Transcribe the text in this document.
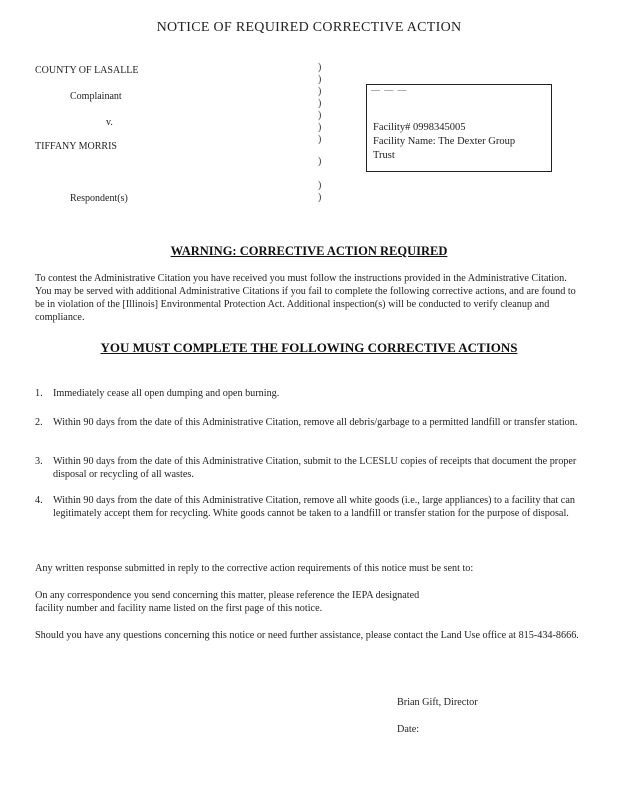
NOTICE OF REQUIRED CORRECTIVE ACTION
COUNTY OF LASALLE
Complainant
v.
TIFFANY MORRIS
Respondent(s)
)
)
)
)
)
)
)
)
)
)
— — —
Facility# 0998345005
Facility Name: The Dexter Group
Trust
WARNING: CORRECTIVE ACTION REQUIRED
To contest the Administrative Citation you have received you must follow the instructions provided in the Administrative Citation. You may be served with additional Administrative Citations if you fail to complete the following corrective actions, and are found to be in violation of the [Illinois] Environmental Protection Act. Additional inspection(s) will be conducted to verify cleanup and compliance.
YOU MUST COMPLETE THE FOLLOWING CORRECTIVE ACTIONS
1.	Immediately cease all open dumping and open burning.
2.	Within 90 days from the date of this Administrative Citation, remove all debris/garbage to a permitted landfill or transfer station.
3.	Within 90 days from the date of this Administrative Citation, submit to the LCESLU copies of receipts that document the proper disposal or recycling of all wastes.
4.	Within 90 days from the date of this Administrative Citation, remove all white goods (i.e., large appliances) to a facility that can legitimately accept them for recycling. White goods cannot be taken to a landfill or transfer station for the purpose of disposal.
Any written response submitted in reply to the corrective action requirements of this notice must be sent to:
On any correspondence you send concerning this matter, please reference the IEPA designated
facility number and facility name listed on the first page of this notice.
Should you have any questions concerning this notice or need further assistance, please contact the Land Use office at 815-434-8666.
Brian Gift, Director
Date:
